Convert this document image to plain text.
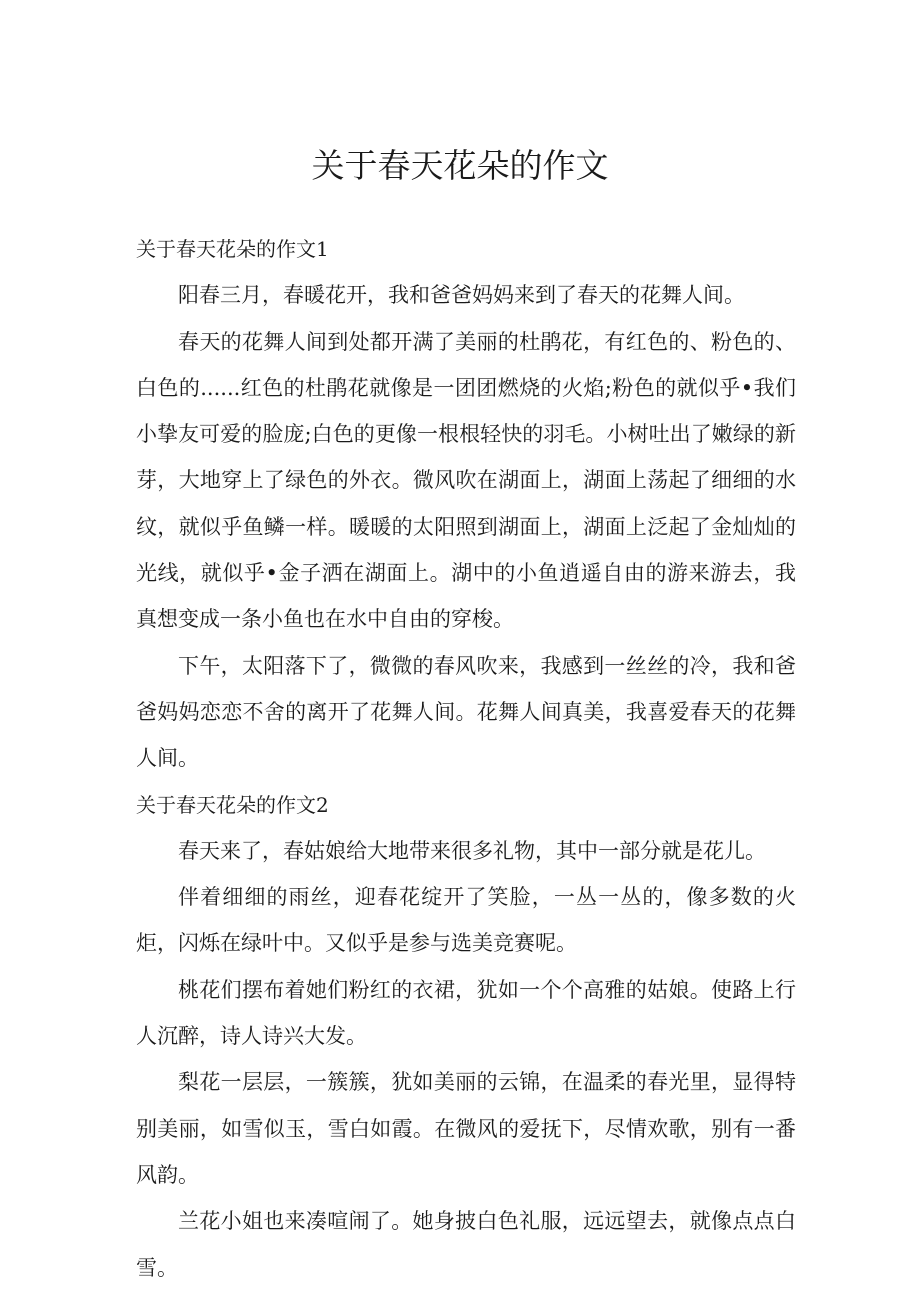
关于春天花朵的作文
关于春天花朵的作文1

阳春三月，春暖花开，我和爸爸妈妈来到了春天的花舞人间。

春天的花舞人间到处都开满了美丽的杜鹃花，有红色的、粉色的、白色的......红色的杜鹃花就像是一团团燃烧的火焰;粉色的就似乎•我们小挚友可爱的脸庞;白色的更像一根根轻快的羽毛。小树吐出了嫩绿的新芽，大地穿上了绿色的外衣。微风吹在湖面上，湖面上荡起了细细的水纹，就似乎鱼鳞一样。暖暖的太阳照到湖面上，湖面上泛起了金灿灿的光线，就似乎•金子洒在湖面上。湖中的小鱼逍遥自由的游来游去，我真想变成一条小鱼也在水中自由的穿梭。

下午，太阳落下了，微微的春风吹来，我感到一丝丝的冷，我和爸爸妈妈恋恋不舍的离开了花舞人间。花舞人间真美，我喜爱春天的花舞人间。

关于春天花朵的作文2

春天来了，春姑娘给大地带来很多礼物，其中一部分就是花儿。

伴着细细的雨丝，迎春花绽开了笑脸，一丛一丛的，像多数的火炬，闪烁在绿叶中。又似乎是参与选美竞赛呢。

桃花们摆布着她们粉红的衣裙，犹如一个个高雅的姑娘。使路上行人沉醉，诗人诗兴大发。

梨花一层层，一簇簇，犹如美丽的云锦，在温柔的春光里，显得特别美丽，如雪似玉，雪白如霞。在微风的爱抚下，尽情欢歌，别有一番风韵。

兰花小姐也来凑喧闹了。她身披白色礼服，远远望去，就像点点白雪。
